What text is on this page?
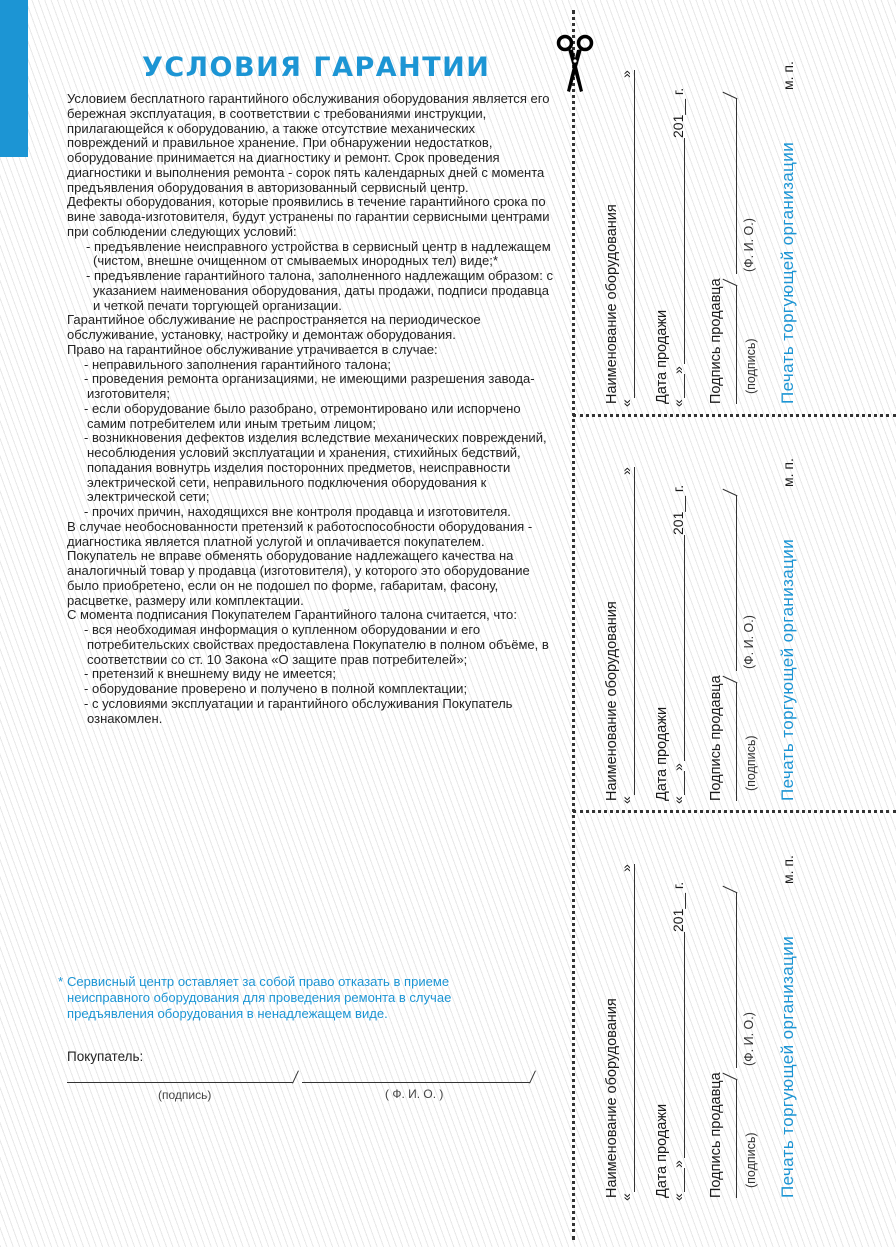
УСЛОВИЯ ГАРАНТИИ

Условием бесплатного гарантийного обслуживания оборудования является его бережная эксплуатация, в соответствии с требованиями инструкции, прилагающейся к оборудованию, а также отсутствие механических повреждений и правильное хранение. При обнаружении недостатков, оборудование принимается на диагностику и ремонт. Срок проведения диагностики и выполнения ремонта - сорок пять календарных дней с момента предъявления оборудования в авторизованный сервисный центр.

Дефекты оборудования, которые проявились в течение гарантийного срока по вине завода-изготовителя, будут устранены по гарантии сервисными центрами при соблюдении следующих условий:

- предъявление неисправного устройства в сервисный центр в надлежащем (чистом, внешне очищенном от смываемых инородных тел) виде;*

- предъявление гарантийного талона, заполненного надлежащим образом: с указанием наименования оборудования, даты продажи, подписи продавца и четкой печати торгующей организации.

Гарантийное обслуживание не распространяется на периодическое обслуживание, установку, настройку и демонтаж оборудования.

Право на гарантийное обслуживание утрачивается в случае:

- неправильного заполнения гарантийного талона;

- проведения ремонта организациями, не имеющими разрешения завода-изготовителя;

- если оборудование было разобрано, отремонтировано или испорчено самим потребителем или иным третьим лицом;

- возникновения дефектов изделия вследствие механических повреждений, несоблюдения условий эксплуатации и хранения, стихийных бедствий, попадания вовнутрь изделия посторонних предметов, неисправности электрической сети, неправильного подключения оборудования к электрической сети;

- прочих причин, находящихся вне контроля продавца и изготовителя.

В случае необоснованности претензий к работоспособности оборудования - диагностика является платной услугой и оплачивается покупателем.

Покупатель не вправе обменять оборудование надлежащего качества на аналогичный товар у продавца (изготовителя), у которого это оборудование было приобретено, если он не подошел по форме, габаритам, фасону, расцветке, размеру или комплектации.

С момента подписания Покупателем Гарантийного талона считается, что:

- вся необходимая информация о купленном оборудовании и его потребительских свойствах предоставлена Покупателю в полном объёме, в соответствии со ст. 10 Закона «О защите прав потребителей»;

- претензий к внешнему виду не имеется;

- оборудование проверено и получено в полной комплектации;

- с условиями эксплуатации и гарантийного обслуживания Покупатель ознакомлен.

* Сервисный центр оставляет за собой право отказать в приеме неисправного оборудования для проведения ремонта в случае предъявления оборудования в ненадлежащем виде.

Покупатель:

(подпись)	( Ф. И. О. )
Наименование оборудования
«
»
Дата продажи «
»
201__ г.
Подпись продавца (подпись)
(Ф. И. О.) Печать торгующей организации
м. п.
Наименование оборудования
«
»
Дата продажи «
»
201__ г.
Подпись продавца (подпись)
(Ф. И. О.) Печать торгующей организации
м. п.
Наименование оборудования
«
»
Дата продажи «
»
201__ г.
Подпись продавца (подпись)
(Ф. И. О.) Печать торгующей организации
м. п.
